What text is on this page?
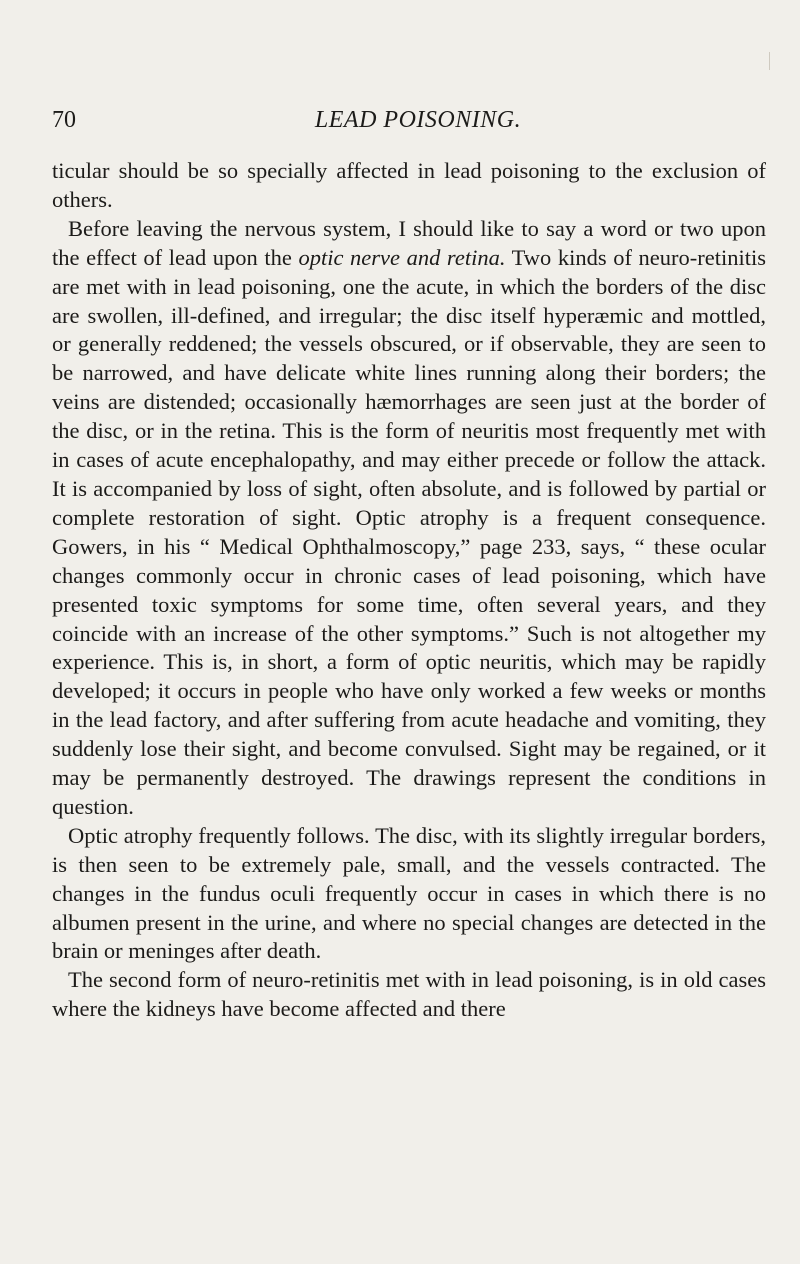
70	LEAD POISONING.

ticular should be so specially affected in lead poisoning to the exclusion of others.

Before leaving the nervous system, I should like to say a word or two upon the effect of lead upon the optic nerve and retina. Two kinds of neuro-retinitis are met with in lead poisoning, one the acute, in which the borders of the disc are swollen, ill-defined, and irregular; the disc itself hyperæmic and mottled, or generally reddened; the vessels obscured, or if observable, they are seen to be narrowed, and have delicate white lines running along their borders; the veins are distended; occasionally hæmorrhages are seen just at the border of the disc, or in the retina. This is the form of neuritis most frequently met with in cases of acute encephalopathy, and may either precede or follow the attack. It is accompanied by loss of sight, often absolute, and is followed by partial or complete restoration of sight. Optic atrophy is a frequent consequence. Gowers, in his “ Medical Ophthalmoscopy,” page 233, says, “ these ocular changes commonly occur in chronic cases of lead poisoning, which have presented toxic symptoms for some time, often several years, and they coincide with an increase of the other symptoms.” Such is not altogether my experience. This is, in short, a form of optic neuritis, which may be rapidly developed; it occurs in people who have only worked a few weeks or months in the lead factory, and after suffering from acute headache and vomiting, they suddenly lose their sight, and become convulsed. Sight may be regained, or it may be permanently destroyed. The drawings represent the conditions in question.

Optic atrophy frequently follows. The disc, with its slightly irregular borders, is then seen to be extremely pale, small, and the vessels contracted. The changes in the fundus oculi frequently occur in cases in which there is no albumen present in the urine, and where no special changes are detected in the brain or meninges after death.

The second form of neuro-retinitis met with in lead poisoning, is in old cases where the kidneys have become affected and there
